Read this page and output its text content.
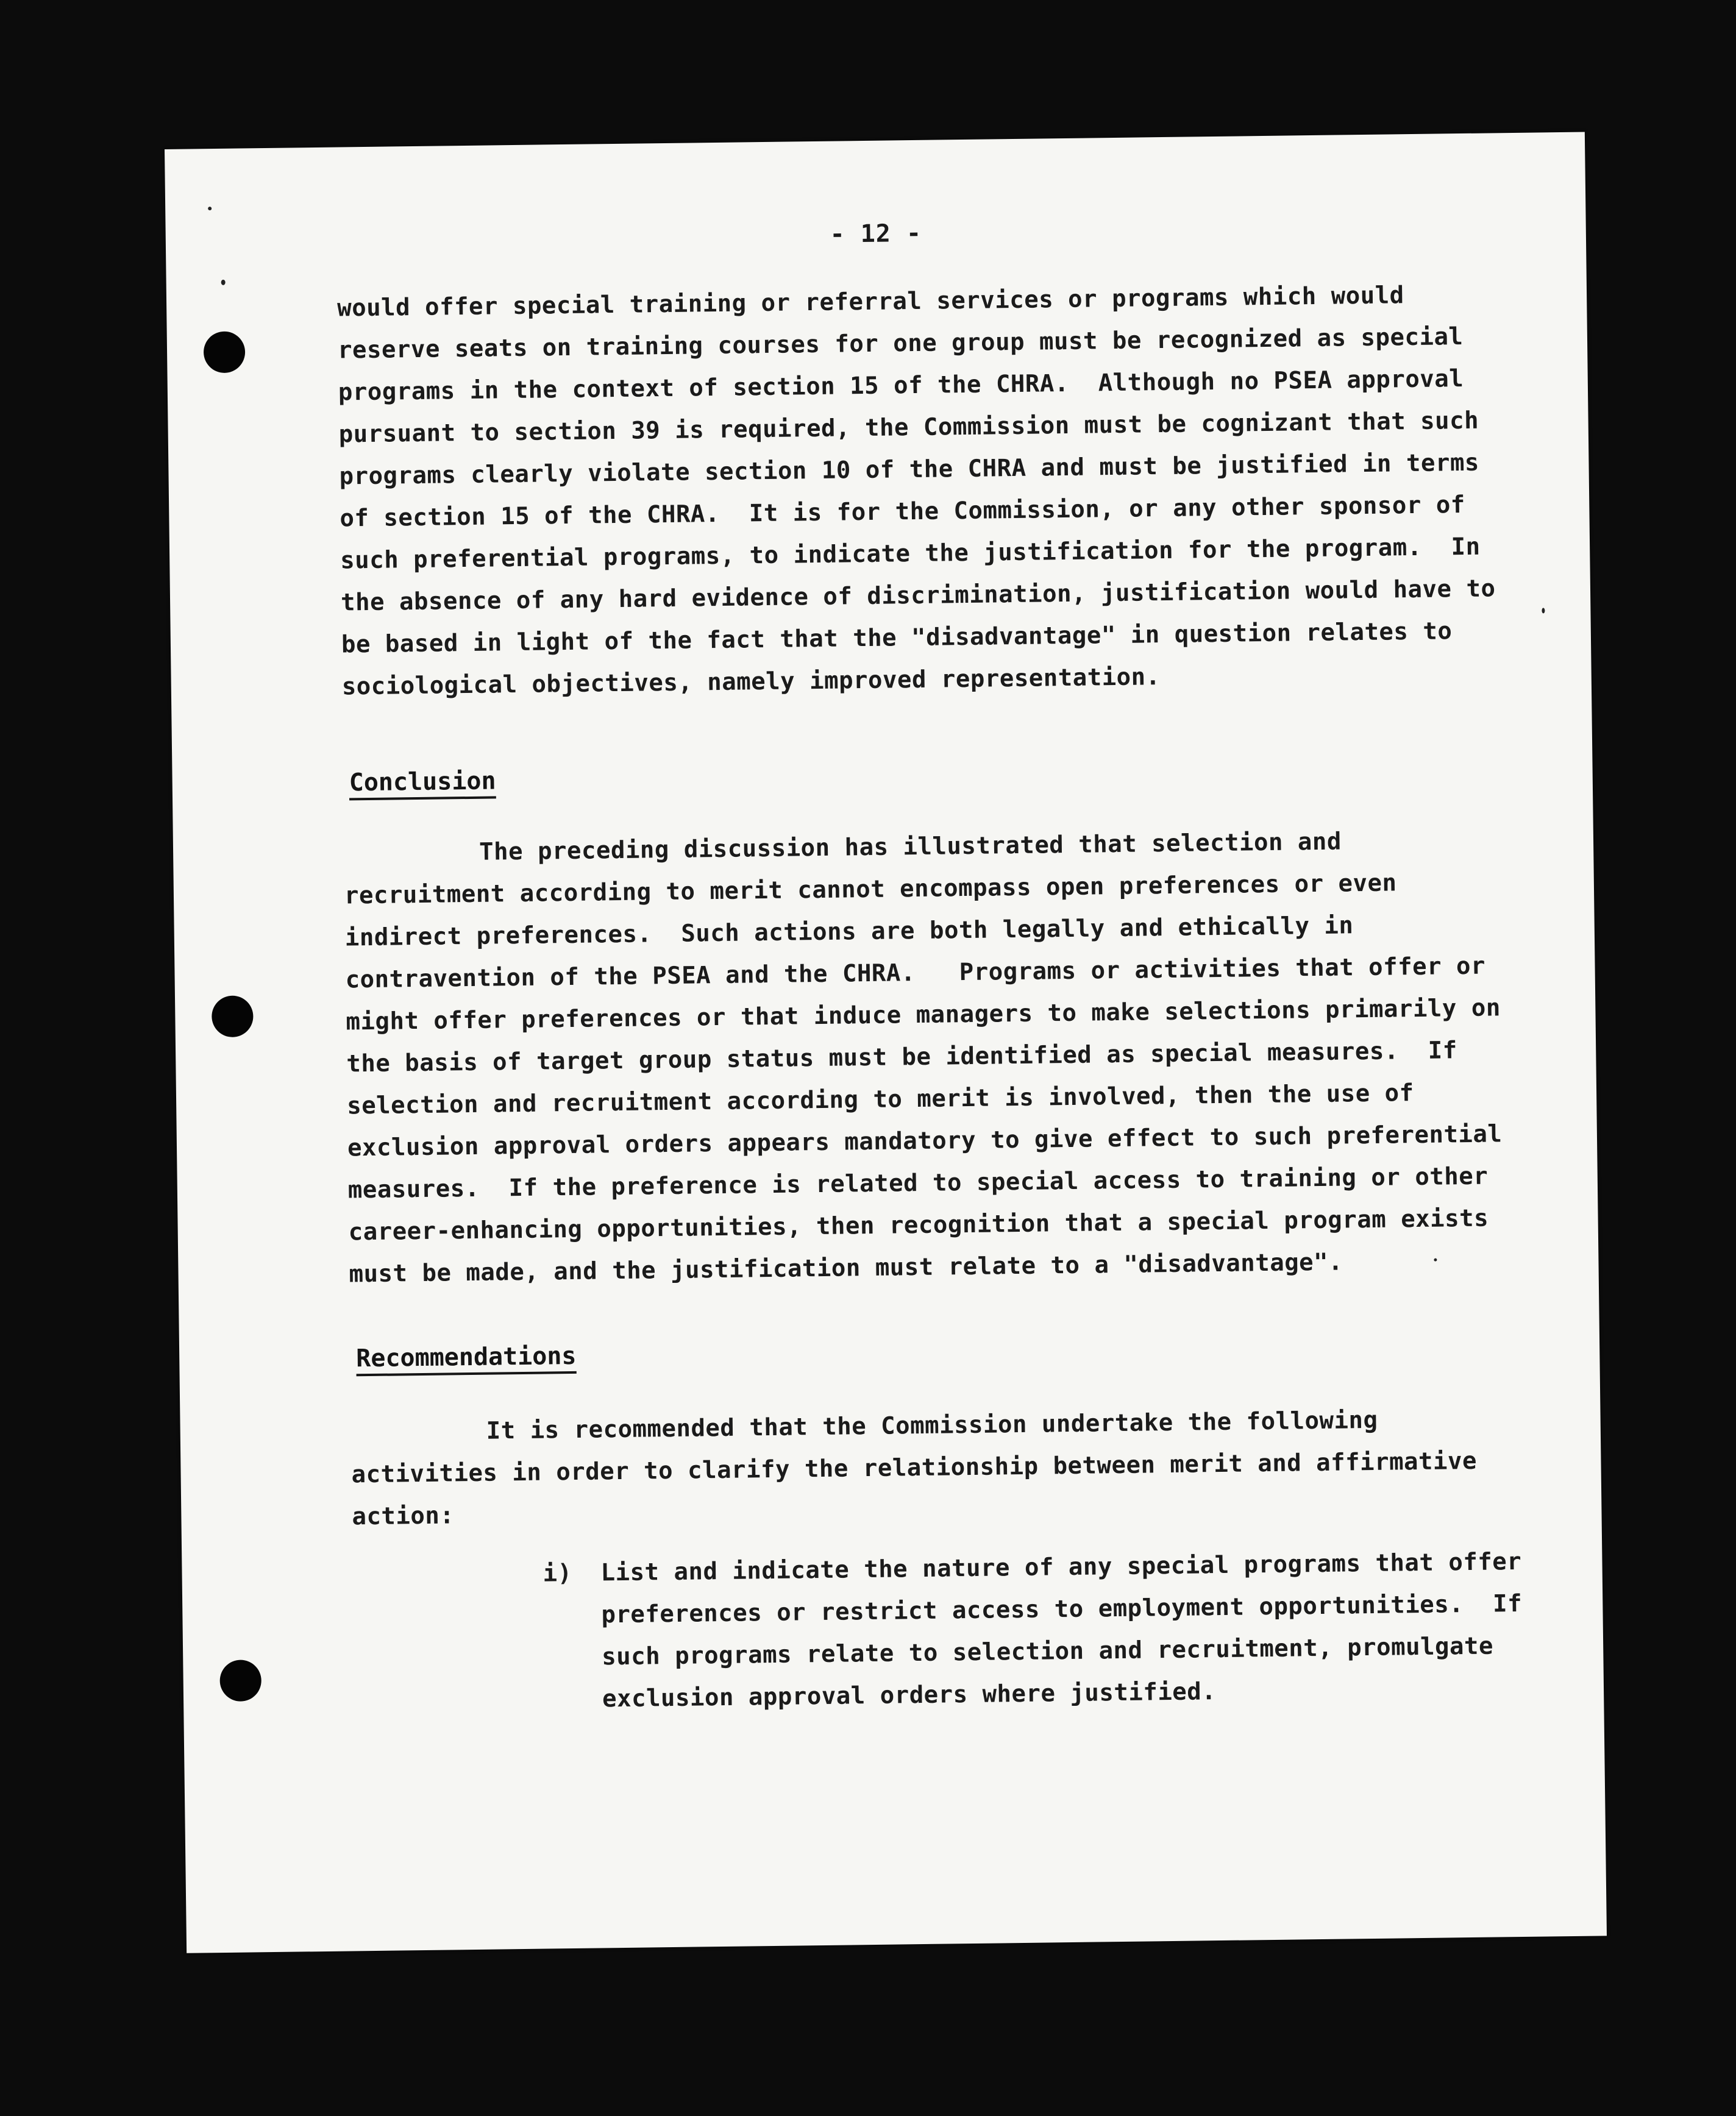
- 12 -
would offer special training or referral services or programs which would
reserve seats on training courses for one group must be recognized as special
programs in the context of section 15 of the CHRA.  Although no PSEA approval
pursuant to section 39 is required, the Commission must be cognizant that such
programs clearly violate section 10 of the CHRA and must be justified in terms
of section 15 of the CHRA.  It is for the Commission, or any other sponsor of
such preferential programs, to indicate the justification for the program.  In
the absence of any hard evidence of discrimination, justification would have to
be based in light of the fact that the "disadvantage" in question relates to
sociological objectives, namely improved representation.
Conclusion
The preceding discussion has illustrated that selection and
recruitment according to merit cannot encompass open preferences or even
indirect preferences.  Such actions are both legally and ethically in
contravention of the PSEA and the CHRA.   Programs or activities that offer or
might offer preferences or that induce managers to make selections primarily on
the basis of target group status must be identified as special measures.  If
selection and recruitment according to merit is involved, then the use of
exclusion approval orders appears mandatory to give effect to such preferential
measures.  If the preference is related to special access to training or other
career-enhancing opportunities, then recognition that a special program exists
must be made, and the justification must relate to a "disadvantage".
Recommendations
It is recommended that the Commission undertake the following
activities in order to clarify the relationship between merit and affirmative
action:
i) List and indicate the nature of any special programs that offer
preferences or restrict access to employment opportunities.  If
such programs relate to selection and recruitment, promulgate
exclusion approval orders where justified.
